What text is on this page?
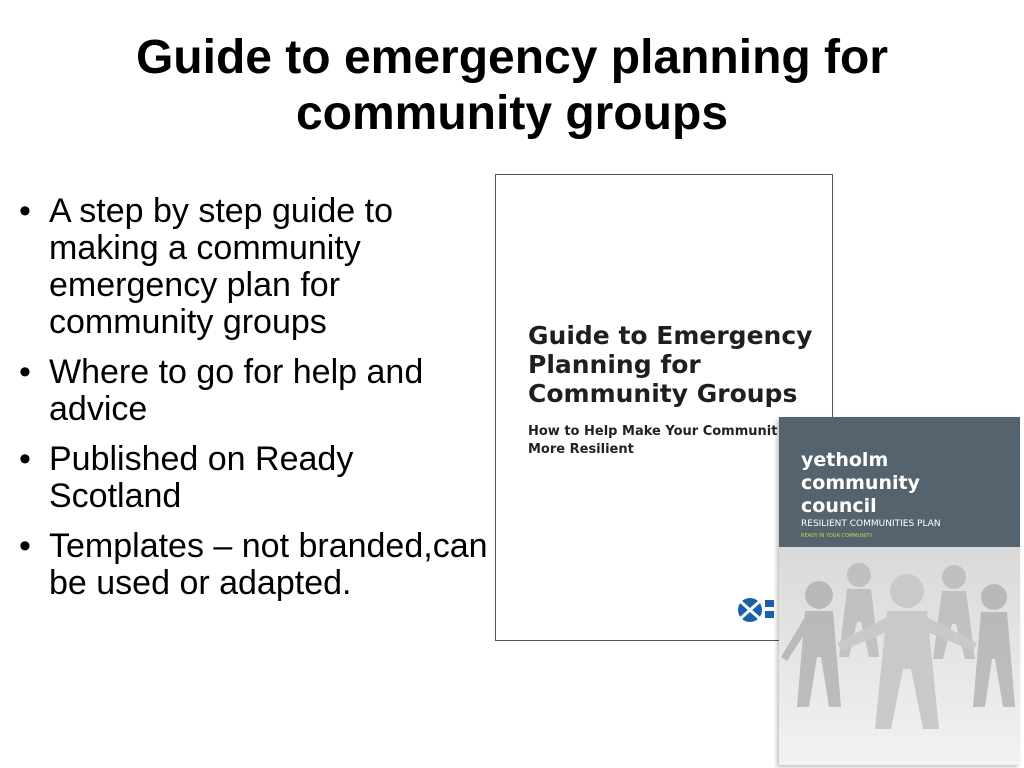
Guide to emergency planning for community groups
• A step by step guide to making a community emergency plan for community groups
• Where to go for help and advice
• Published on Ready Scotland
• Templates – not branded,can be used or adapted.
Guide to Emergency
Planning for
Community Groups
How to Help Make Your Communit
More Resilient	yetholm
community
council
RESILIENT COMMUNITIES PLAN
READY IN YOUR COMMUNITY
